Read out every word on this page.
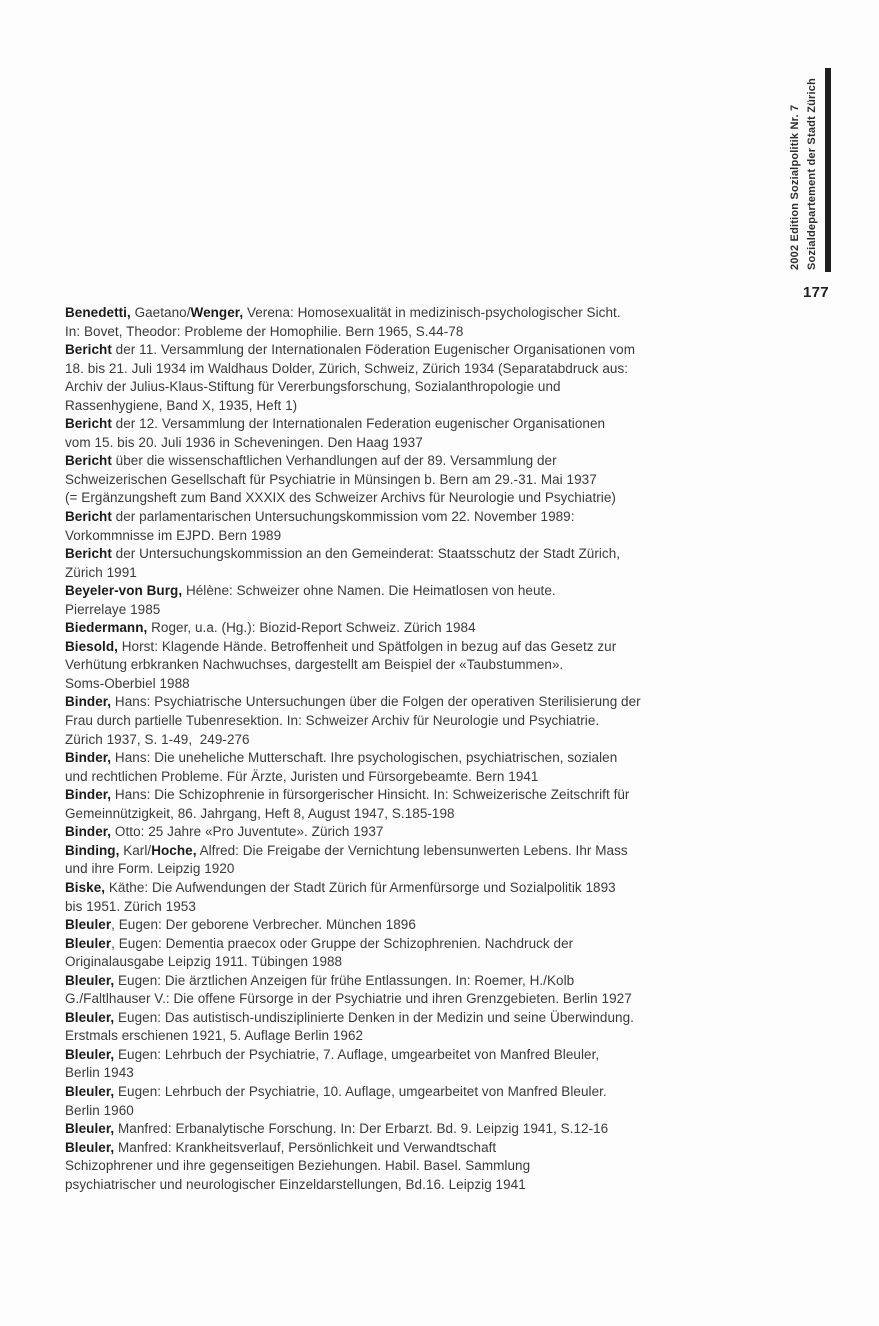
2002 Edition Sozialpolitik Nr. 7 Sozialdepartement der Stadt Zürich
177
Benedetti, Gaetano/Wenger, Verena: Homosexualität in medizinisch-psychologischer Sicht.
In: Bovet, Theodor: Probleme der Homophilie. Bern 1965, S.44-78
Bericht der 11. Versammlung der Internationalen Föderation Eugenischer Organisationen vom
18. bis 21. Juli 1934 im Waldhaus Dolder, Zürich, Schweiz, Zürich 1934 (Separatabdruck aus:
Archiv der Julius-Klaus-Stiftung für Vererbungsforschung, Sozialanthropologie und
Rassenhygiene, Band X, 1935, Heft 1)
Bericht der 12. Versammlung der Internationalen Federation eugenischer Organisationen
vom 15. bis 20. Juli 1936 in Scheveningen. Den Haag 1937
Bericht über die wissenschaftlichen Verhandlungen auf der 89. Versammlung der
Schweizerischen Gesellschaft für Psychiatrie in Münsingen b. Bern am 29.-31. Mai 1937
(= Ergänzungsheft zum Band XXXIX des Schweizer Archivs für Neurologie und Psychiatrie)
Bericht der parlamentarischen Untersuchungskommission vom 22. November 1989:
Vorkommnisse im EJPD. Bern 1989
Bericht der Untersuchungskommission an den Gemeinderat: Staatsschutz der Stadt Zürich,
Zürich 1991
Beyeler-von Burg, Hélène: Schweizer ohne Namen. Die Heimatlosen von heute.
Pierrelaye 1985
Biedermann, Roger, u.a. (Hg.): Biozid-Report Schweiz. Zürich 1984
Biesold, Horst: Klagende Hände. Betroffenheit und Spätfolgen in bezug auf das Gesetz zur
Verhütung erbkranken Nachwuchses, dargestellt am Beispiel der «Taubstummen».
Soms-Oberbiel 1988
Binder, Hans: Psychiatrische Untersuchungen über die Folgen der operativen Sterilisierung der
Frau durch partielle Tubenresektion. In: Schweizer Archiv für Neurologie und Psychiatrie.
Zürich 1937, S. 1-49,  249-276
Binder, Hans: Die uneheliche Mutterschaft. Ihre psychologischen, psychiatrischen, sozialen
und rechtlichen Probleme. Für Ärzte, Juristen und Fürsorgebeamte. Bern 1941
Binder, Hans: Die Schizophrenie in fürsorgerischer Hinsicht. In: Schweizerische Zeitschrift für
Gemeinnützigkeit, 86. Jahrgang, Heft 8, August 1947, S.185-198
Binder, Otto: 25 Jahre «Pro Juventute». Zürich 1937
Binding, Karl/Hoche, Alfred: Die Freigabe der Vernichtung lebensunwerten Lebens. Ihr Mass
und ihre Form. Leipzig 1920
Biske, Käthe: Die Aufwendungen der Stadt Zürich für Armenfürsorge und Sozialpolitik 1893
bis 1951. Zürich 1953
Bleuler, Eugen: Der geborene Verbrecher. München 1896
Bleuler, Eugen: Dementia praecox oder Gruppe der Schizophrenien. Nachdruck der
Originalausgabe Leipzig 1911. Tübingen 1988
Bleuler, Eugen: Die ärztlichen Anzeigen für frühe Entlassungen. In: Roemer, H./Kolb
G./Faltlhauser V.: Die offene Fürsorge in der Psychiatrie und ihren Grenzgebieten. Berlin 1927
Bleuler, Eugen: Das autistisch-undisziplinierte Denken in der Medizin und seine Überwindung.
Erstmals erschienen 1921, 5. Auflage Berlin 1962
Bleuler, Eugen: Lehrbuch der Psychiatrie, 7. Auflage, umgearbeitet von Manfred Bleuler,
Berlin 1943
Bleuler, Eugen: Lehrbuch der Psychiatrie, 10. Auflage, umgearbeitet von Manfred Bleuler.
Berlin 1960
Bleuler, Manfred: Erbanalytische Forschung. In: Der Erbarzt. Bd. 9. Leipzig 1941, S.12-16
Bleuler, Manfred: Krankheitsverlauf, Persönlichkeit und Verwandtschaft
Schizophrener und ihre gegenseitigen Beziehungen. Habil. Basel. Sammlung
psychiatrischer und neurologischer Einzeldarstellungen, Bd.16. Leipzig 1941
